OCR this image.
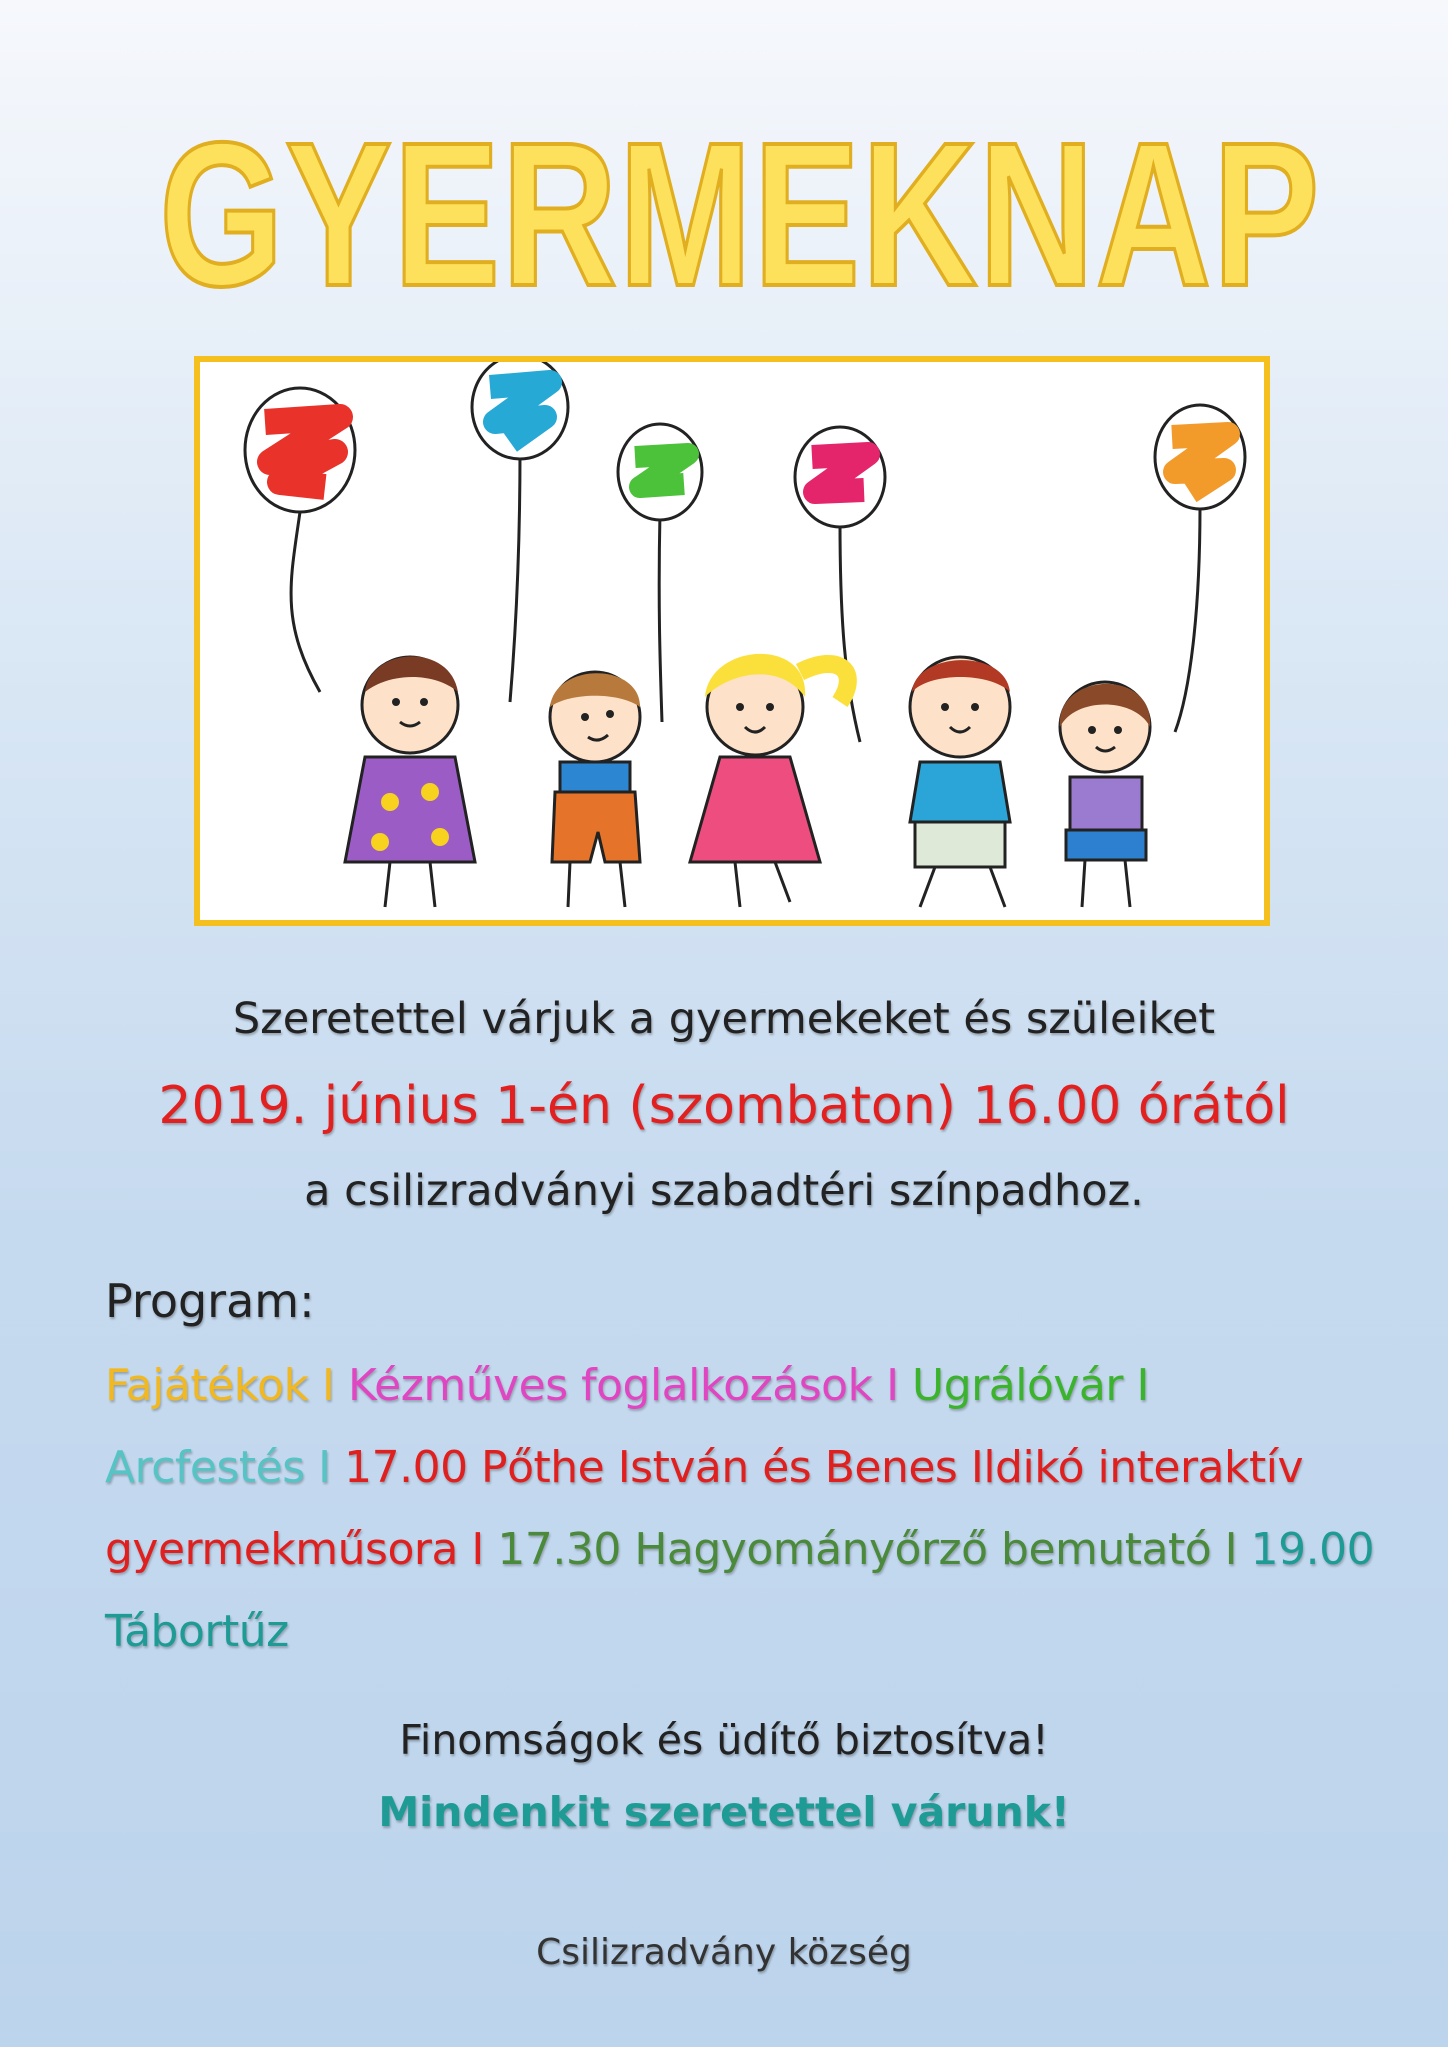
GYERMEKNAP
Szeretettel várjuk a gyermekeket és szüleiket
2019. június 1-én (szombaton) 16.00 órától
a csilizradványi szabadtéri színpadhoz.
Program:
Fajátékok I Kézműves foglalkozások I Ugrálóvár I
Arcfestés I 17.00 Pőthe István és Benes Ildikó interaktív gyermekműsora I 17.30 Hagyományőrző bemutató I 19.00 Tábortűz
Finomságok és üdítő biztosítva!
Mindenkit szeretettel várunk!
Csilizradvány község
